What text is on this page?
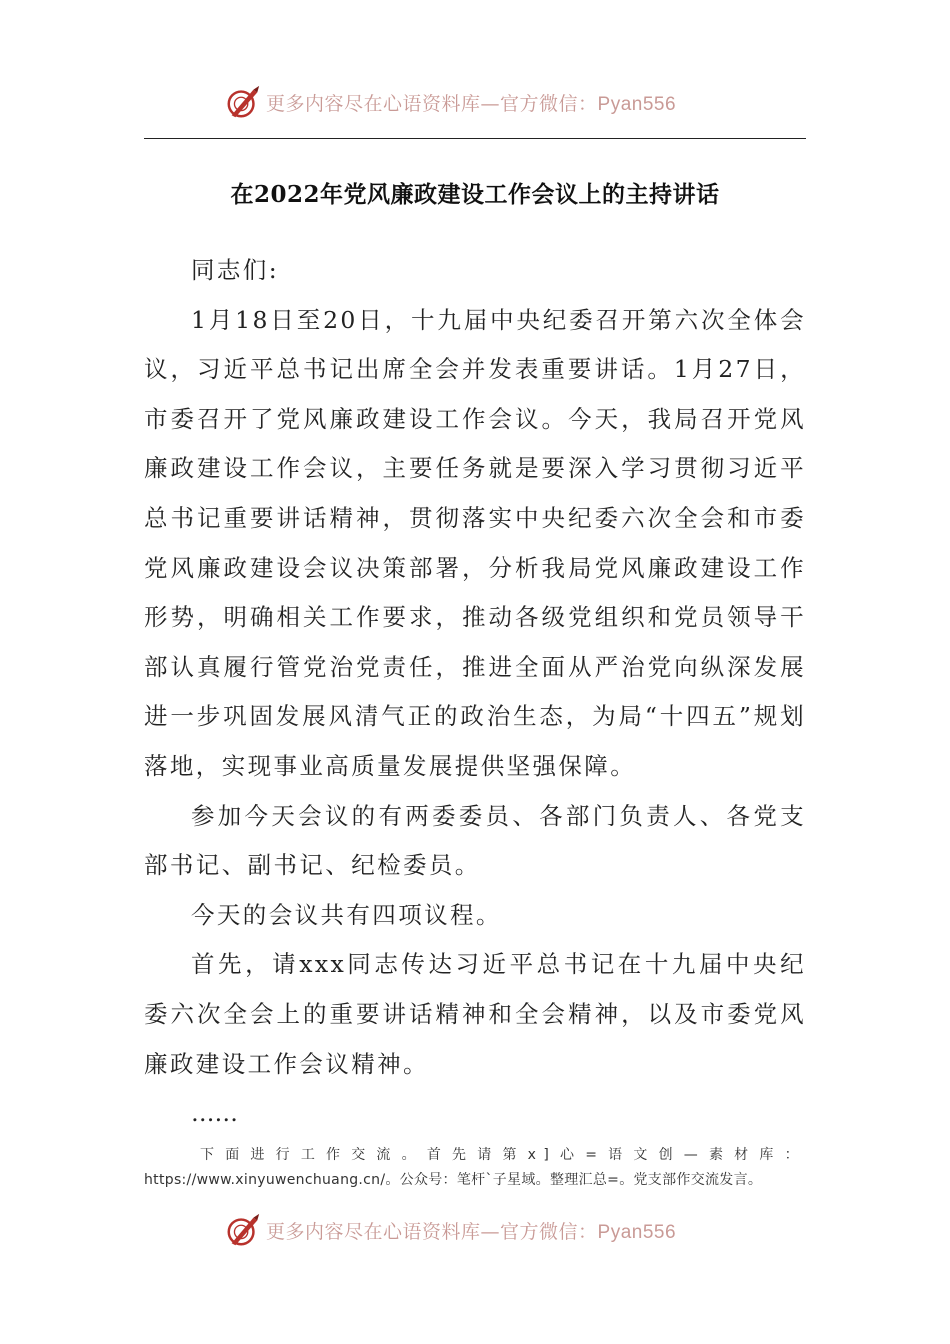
更多内容尽在心语资料库—官方微信：Pyan556
在2022年党风廉政建设工作会议上的主持讲话

同志们:

1月18日至20日，十九届中央纪委召开第六次全体会议，习近平总书记出席全会并发表重要讲话。1月27日，市委召开了党风廉政建设工作会议。今天，我局召开党风廉政建设工作会议，主要任务就是要深入学习贯彻习近平总书记重要讲话精神，贯彻落实中央纪委六次全会和市委党风廉政建设会议决策部署，分析我局党风廉政建设工作形势，明确相关工作要求，推动各级党组织和党员领导干部认真履行管党治党责任，推进全面从严治党向纵深发展进一步巩固发展风清气正的政治生态，为局“十四五”规划落地，实现事业高质量发展提供坚强保障。

参加今天会议的有两委委员、各部门负责人、各党支部书记、副书记、纪检委员。

今天的会议共有四项议程。

首先，请xxx同志传达习近平总书记在十九届中央纪委六次全会上的重要讲话精神和全会精神，以及市委党风廉政建设工作会议精神。

……

下面进行工作交流。首先请第x]心=语文创—素材库： https://www.xinyuwenchuang.cn/。公众号：笔杆`子星域。整理汇总=。党支部作交流发言。
更多内容尽在心语资料库—官方微信：Pyan556
